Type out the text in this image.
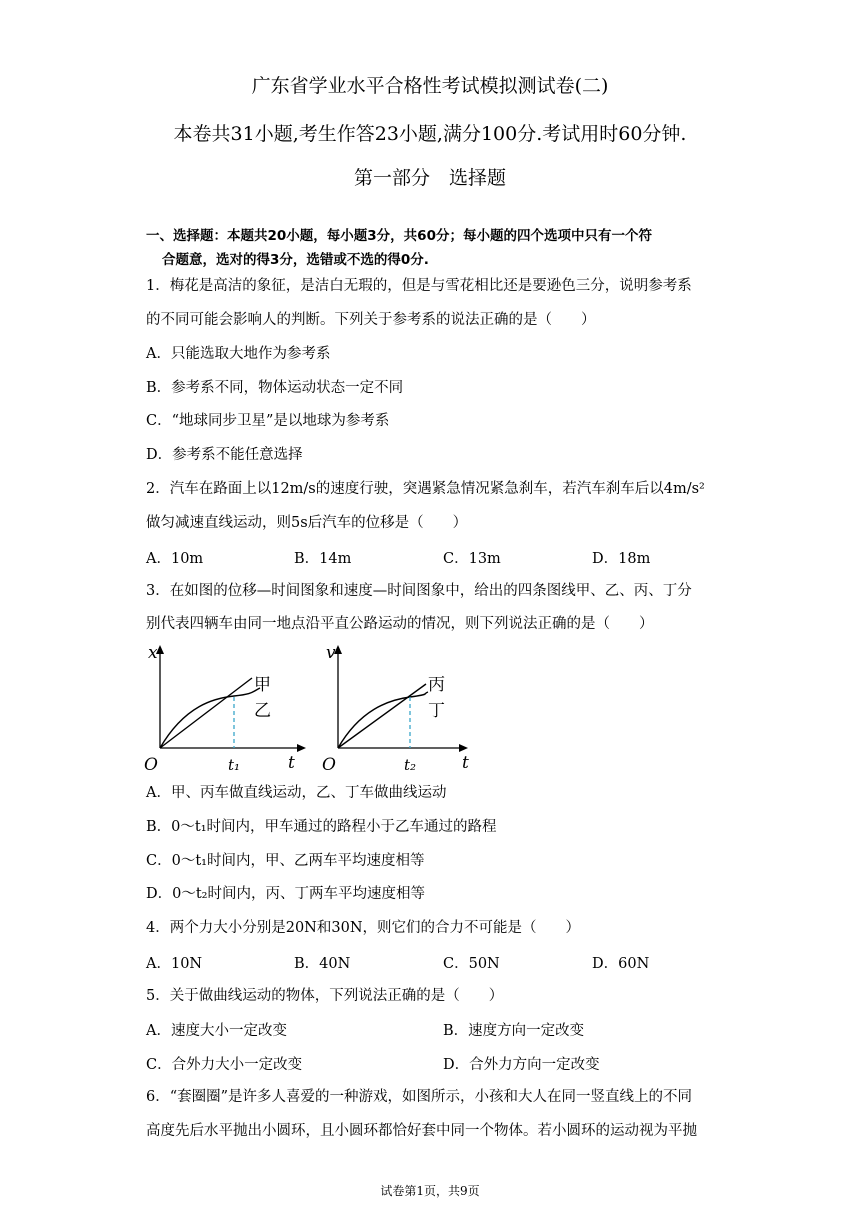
广东省学业水平合格性考试模拟测试卷(二)
本卷共31小题,考生作答23小题,满分100分.考试用时60分钟.
第一部分　选择题
一、选择题：本题共20小题，每小题3分，共60分；每小题的四个选项中只有一个符
合题意，选对的得3分，选错或不选的得0分.
1．梅花是高洁的象征，是洁白无瑕的，但是与雪花相比还是要逊色三分，说明参考系
的不同可能会影响人的判断。下列关于参考系的说法正确的是（　　）
A．只能选取大地作为参考系
B．参考系不同，物体运动状态一定不同
C．“地球同步卫星”是以地球为参考系
D．参考系不能任意选择
2．汽车在路面上以12m/s的速度行驶，突遇紧急情况紧急刹车，若汽车刹车后以4m/s²
做匀减速直线运动，则5s后汽车的位移是（　　）
A．10m	B．14m	C．13m	D．18m
3．在如图的位移—时间图象和速度—时间图象中，给出的四条图线甲、乙、丙、丁分
别代表四辆车由同一地点沿平直公路运动的情况，则下列说法正确的是（　　）
x
t
O	t₁
甲
乙
v
t
O	t₂
丙
丁
A．甲、丙车做直线运动，乙、丁车做曲线运动
B．0～t₁时间内，甲车通过的路程小于乙车通过的路程
C．0～t₁时间内，甲、乙两车平均速度相等
D．0～t₂时间内，丙、丁两车平均速度相等
4．两个力大小分别是20N和30N，则它们的合力不可能是（　　）
A．10N	B．40N	C．50N	D．60N
5．关于做曲线运动的物体，下列说法正确的是（　　）
A．速度大小一定改变	B．速度方向一定改变
C．合外力大小一定改变	D．合外力方向一定改变
6．“套圈圈”是许多人喜爱的一种游戏，如图所示，小孩和大人在同一竖直线上的不同
高度先后水平抛出小圆环，且小圆环都恰好套中同一个物体。若小圆环的运动视为平抛
试卷第1页，共9页
